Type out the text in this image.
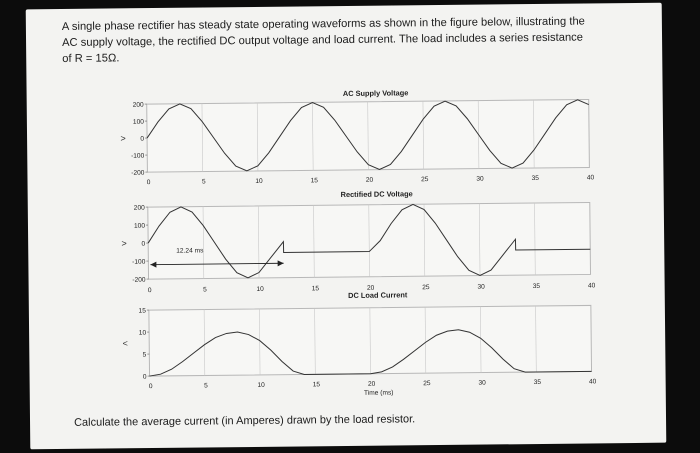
A single phase rectifier has steady state operating waveforms as shown in the figure below, illustrating the
AC supply voltage, the rectified DC output voltage and load current. The load includes a series resistance
of R = 15Ω.
0	5	10	15	20	25	30	35	40
200
100
0
-100
-200
>
AC Supply Voltage
0	5	10	15	20	25	30	35	40
200
100
0
-100
-200
>
Rectified DC Voltage
12.24 ms
0	5	10	15	20	25	30	35	40
15
10
5
0
<
DC Load Current
Time (ms)
Calculate the average current (in Amperes) drawn by the load resistor.
